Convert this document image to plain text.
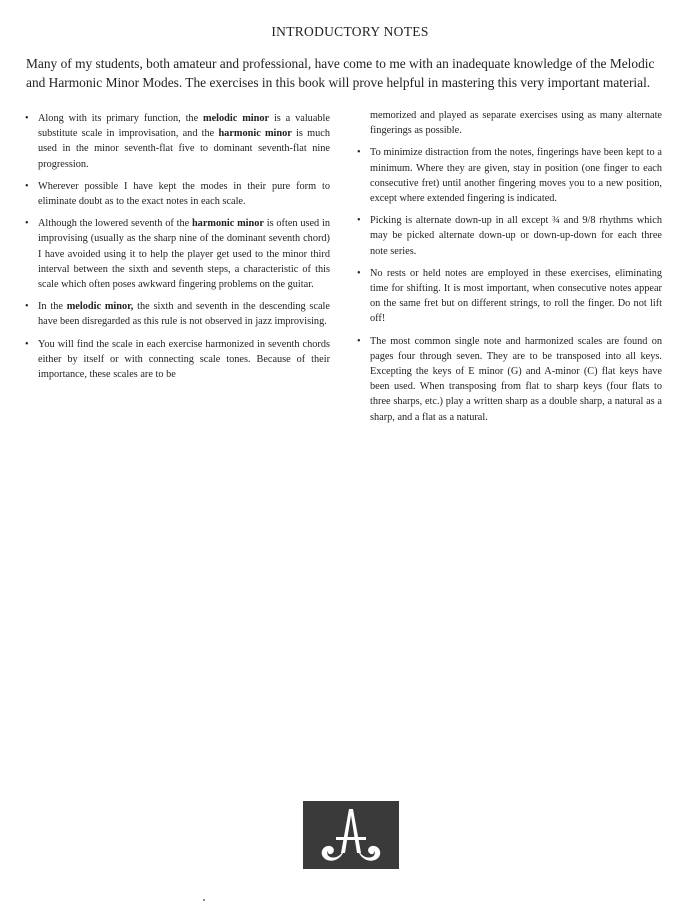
INTRODUCTORY NOTES

Many of my students, both amateur and professional, have come to me with an inadequate knowledge of the Melodic and Harmonic Minor Modes. The exercises in this book will prove helpful in mastering this very important material.

• Along with its primary function, the melodic minor is a valuable substitute scale in improvisation, and the harmonic minor is much used in the minor seventh-flat five to dominant seventh-flat nine progression.
• Wherever possible I have kept the modes in their pure form to eliminate doubt as to the exact notes in each scale.
• Although the lowered seventh of the harmonic minor is often used in improvising (usually as the sharp nine of the dominant seventh chord) I have avoided using it to help the player get used to the minor third interval between the sixth and seventh steps, a characteristic of this scale which often poses awkward fingering problems on the guitar.
• In the melodic minor, the sixth and seventh in the descending scale have been disregarded as this rule is not observed in jazz improvising.
• You will find the scale in each exercise harmonized in seventh chords either by itself or with connecting scale tones. Because of their importance, these scales are to be
memorized and played as separate exercises using as many alternate fingerings as possible.
• To minimize distraction from the notes, fingerings have been kept to a minimum. Where they are given, stay in position (one finger to each consecutive fret) until another fingering moves you to a new position, except where extended fingering is indicated.
• Picking is alternate down-up in all except ¾ and 9/8 rhythms which may be picked alternate down-up or down-up-down for each three note series.
• No rests or held notes are employed in these exercises, eliminating time for shifting. It is most important, when consecutive notes appear on the same fret but on different strings, to roll the finger. Do not lift off!
• The most common single note and harmonized scales are found on pages four through seven. They are to be transposed into all keys. Excepting the keys of E minor (G) and A-minor (C) flat keys have been used. When transposing from flat to sharp keys (four flats to three sharps, etc.) play a written sharp as a double sharp, a natural as a sharp, and a flat as a natural.
